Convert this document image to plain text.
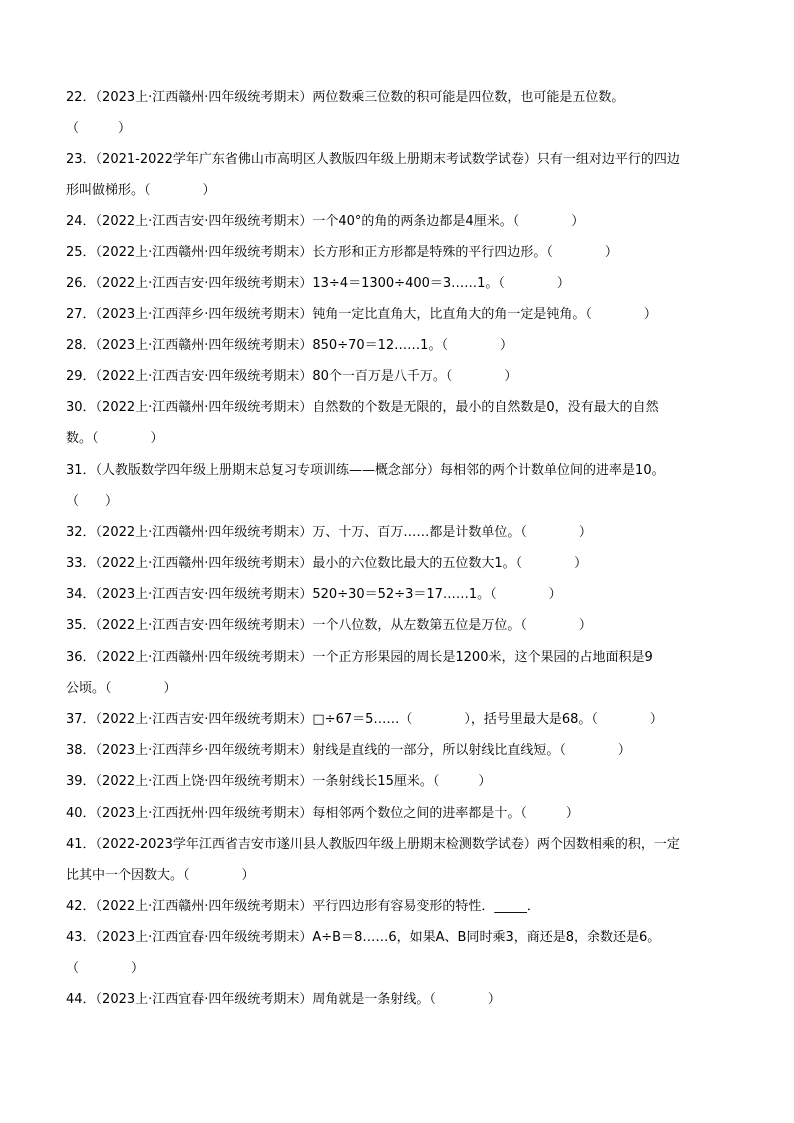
22．（2023上·江西赣州·四年级统考期末）两位数乘三位数的积可能是四位数，也可能是五位数。
（　　　）
23．（2021-2022学年广东省佛山市高明区人教版四年级上册期末考试数学试卷）只有一组对边平行的四边
形叫做梯形。（　　　　）
24．（2022上·江西吉安·四年级统考期末）一个40°的角的两条边都是4厘米。（　　　　）
25．（2022上·江西赣州·四年级统考期末）长方形和正方形都是特殊的平行四边形。（　　　　）
26．（2022上·江西吉安·四年级统考期末）13÷4＝1300÷400＝3……1。（　　　　）
27．（2023上·江西萍乡·四年级统考期末）钝角一定比直角大，比直角大的角一定是钝角。（　　　　）
28．（2023上·江西赣州·四年级统考期末）850÷70＝12……1。（　　　　）
29．（2022上·江西吉安·四年级统考期末）80个一百万是八千万。（　　　　）
30．（2022上·江西赣州·四年级统考期末）自然数的个数是无限的，最小的自然数是0，没有最大的自然
数。（　　　　）
31．（人教版数学四年级上册期末总复习专项训练——概念部分）每相邻的两个计数单位间的进率是10。
（　　）
32．（2022上·江西赣州·四年级统考期末）万、十万、百万……都是计数单位。（　　　　）
33．（2022上·江西赣州·四年级统考期末）最小的六位数比最大的五位数大1。（　　　　）
34．（2023上·江西吉安·四年级统考期末）520÷30＝52÷3＝17……1。（　　　　）
35．（2022上·江西吉安·四年级统考期末）一个八位数，从左数第五位是万位。（　　　　）
36．（2022上·江西赣州·四年级统考期末）一个正方形果园的周长是1200米，这个果园的占地面积是9
公顷。（　　　　）
37．（2022上·江西吉安·四年级统考期末）□÷67＝5……（　　　　），括号里最大是68。（　　　　）
38．（2023上·江西萍乡·四年级统考期末）射线是直线的一部分，所以射线比直线短。（　　　　）
39．（2022上·江西上饶·四年级统考期末）一条射线长15厘米。（　　　）
40．（2023上·江西抚州·四年级统考期末）每相邻两个数位之间的进率都是十。（　　　）
41．（2022-2023学年江西省吉安市遂川县人教版四年级上册期末检测数学试卷）两个因数相乘的积，一定
比其中一个因数大。（　　　　）
42．（2022上·江西赣州·四年级统考期末）平行四边形有容易变形的特性．_____．
43．（2023上·江西宜春·四年级统考期末）A÷B＝8……6，如果A、B同时乘3，商还是8，余数还是6。
（　　　　）
44．（2023上·江西宜春·四年级统考期末）周角就是一条射线。（　　　　）
